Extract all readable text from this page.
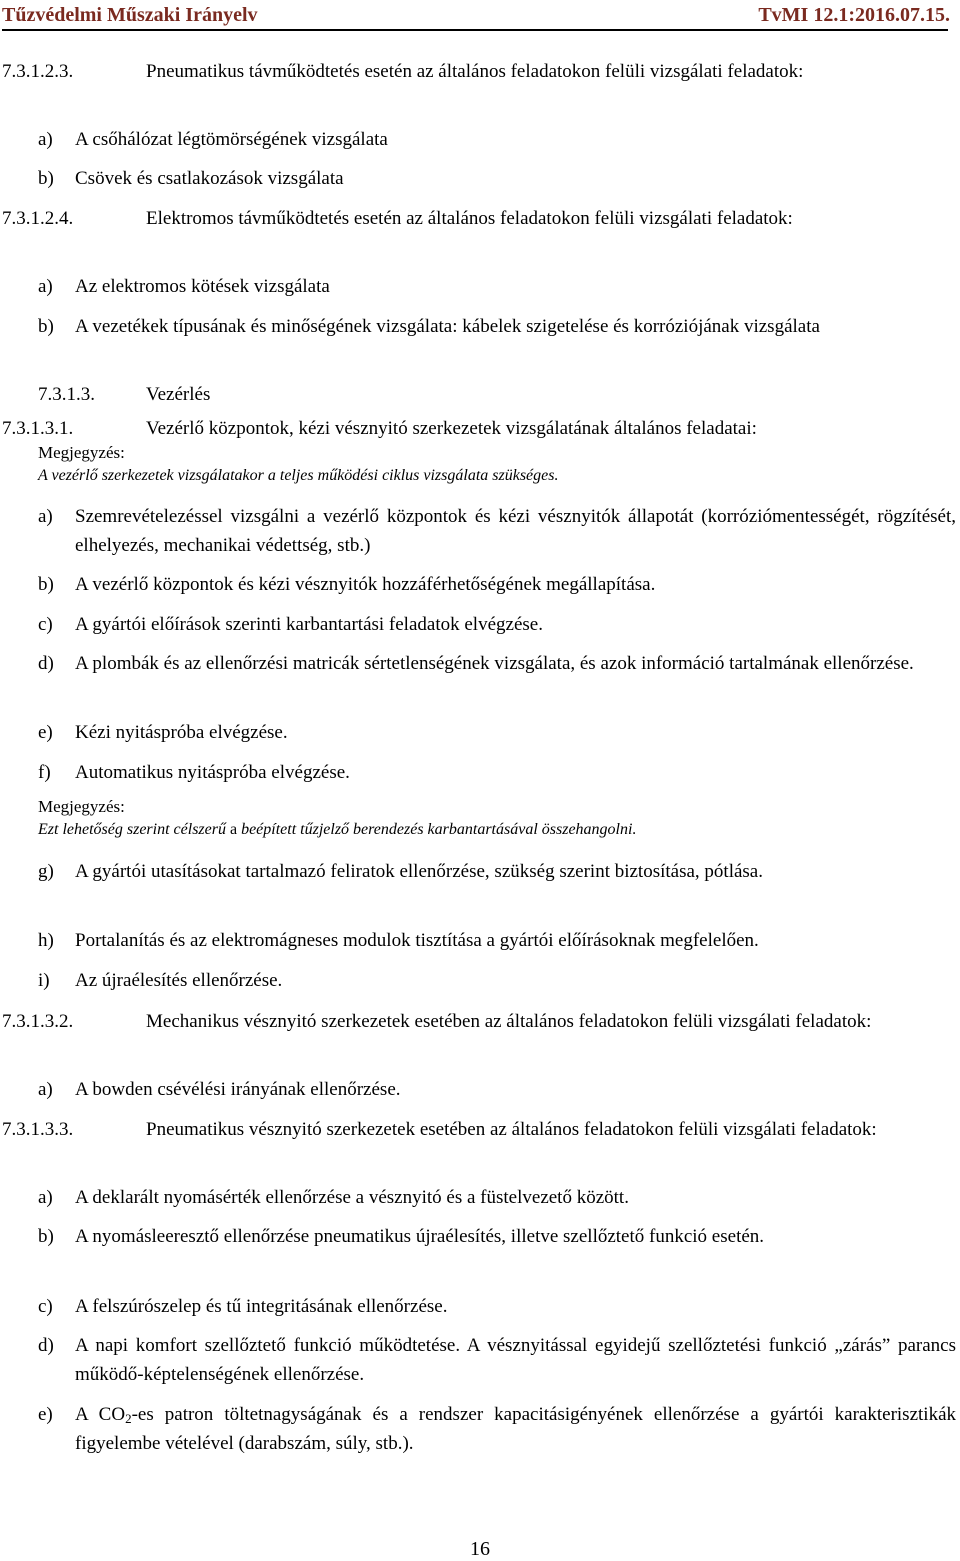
Tűzvédelmi Műszaki Irányelv	TvMI 12.1:2016.07.15.
7.3.1.2.3.	Pneumatikus távműködtetés esetén az általános feladatokon felüli vizsgálati feladatok:
a) A csőhálózat légtömörségének vizsgálata
b) Csövek és csatlakozások vizsgálata
7.3.1.2.4.	Elektromos távműködtetés esetén az általános feladatokon felüli vizsgálati feladatok:
a) Az elektromos kötések vizsgálata
b) A vezetékek típusának és minőségének vizsgálata: kábelek szigetelése és korróziójának vizsgálata
7.3.1.3.	Vezérlés
7.3.1.3.1.	Vezérlő központok, kézi vésznyitó szerkezetek vizsgálatának általános feladatai:
Megjegyzés:
A vezérlő szerkezetek vizsgálatakor a teljes működési ciklus vizsgálata szükséges.
a) Szemrevételezéssel vizsgálni a vezérlő központok és kézi vésznyitók állapotát (korróziómentességét, rögzítését, elhelyezés, mechanikai védettség, stb.)
b) A vezérlő központok és kézi vésznyitók hozzáférhetőségének megállapítása.
c) A gyártói előírások szerinti karbantartási feladatok elvégzése.
d) A plombák és az ellenőrzési matricák sértetlenségének vizsgálata, és azok információ tartalmának ellenőrzése.
e) Kézi nyitáspróba elvégzése.
f) Automatikus nyitáspróba elvégzése.
Megjegyzés:
Ezt lehetőség szerint célszerű a beépített tűzjelző berendezés karbantartásával összehangolni.
g) A gyártói utasításokat tartalmazó feliratok ellenőrzése, szükség szerint biztosítása, pótlása.
h) Portalanítás és az elektromágneses modulok tisztítása a gyártói előírásoknak megfelelően.
i) Az újraélesítés ellenőrzése.
7.3.1.3.2.	Mechanikus vésznyitó szerkezetek esetében az általános feladatokon felüli vizsgálati feladatok:
a) A bowden csévélési irányának ellenőrzése.
7.3.1.3.3.	Pneumatikus vésznyitó szerkezetek esetében az általános feladatokon felüli vizsgálati feladatok:
a) A deklarált nyomásérték ellenőrzése a vésznyitó és a füstelvezető között.
b) A nyomásleeresztő ellenőrzése pneumatikus újraélesítés, illetve szellőztető funkció esetén.
c) A felszúrószelep és tű integritásának ellenőrzése.
d) A napi komfort szellőztető funkció működtetése. A vésznyitással egyidejű szellőztetési funkció „zárás” parancs működő-képtelenségének ellenőrzése.
e) A $CO_2-es$ patron töltetnagyságának és a rendszer kapacitásigényének ellenőrzése a gyártói karakterisztikák figyelembe vételével (darabszám, súly, stb.).
16
